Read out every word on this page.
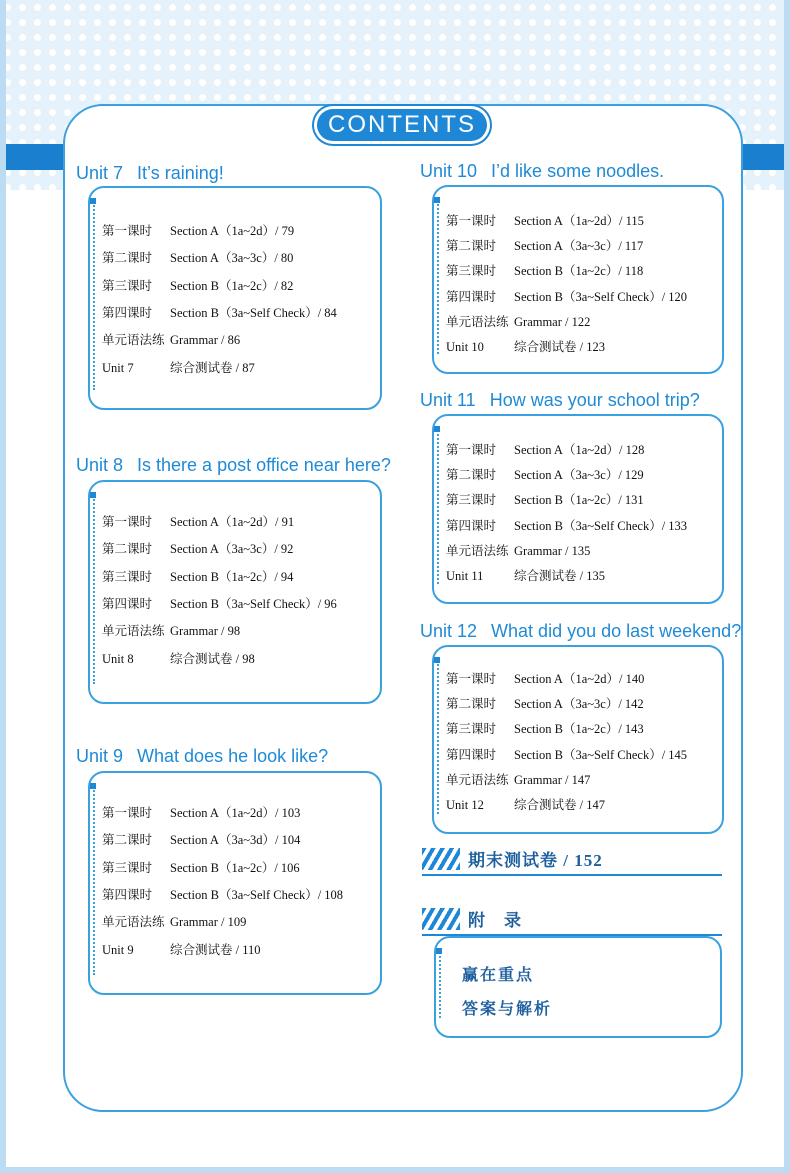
CONTENTS
Unit 7 It’s raining!
第一课时 Section A（1a~2d）/ 79
第二课时 Section A（3a~3c）/ 80
第三课时 Section B（1a~2c）/ 82
第四课时 Section B（3a~Self Check）/ 84
单元语法练 Grammar / 86
Unit 7	综合测试卷 / 87
Unit 8 Is there a post office near here?
第一课时 Section A（1a~2d）/ 91
第二课时 Section A（3a~3c）/ 92
第三课时 Section B（1a~2c）/ 94
第四课时 Section B（3a~Self Check）/ 96
单元语法练 Grammar / 98
Unit 8	综合测试卷 / 98
Unit 9 What does he look like?
第一课时 Section A（1a~2d）/ 103
第二课时 Section A（3a~3d）/ 104
第三课时 Section B（1a~2c）/ 106
第四课时 Section B（3a~Self Check）/ 108
单元语法练 Grammar / 109
Unit 9	综合测试卷 / 110
Unit 10 I’d like some noodles.
第一课时 Section A（1a~2d）/ 115
第二课时 Section A（3a~3c）/ 117
第三课时 Section B（1a~2c）/ 118
第四课时 Section B（3a~Self Check）/ 120
单元语法练 Grammar / 122
Unit 10 综合测试卷 / 123
Unit 11 How was your school trip?
第一课时 Section A（1a~2d）/ 128
第二课时 Section A（3a~3c）/ 129
第三课时 Section B（1a~2c）/ 131
第四课时 Section B（3a~Self Check）/ 133
单元语法练 Grammar / 135
Unit 11 综合测试卷 / 135
Unit 12 What did you do last weekend?
第一课时 Section A（1a~2d）/ 140
第二课时 Section A（3a~3c）/ 142
第三课时 Section B（1a~2c）/ 143
第四课时 Section B（3a~Self Check）/ 145
单元语法练 Grammar / 147
Unit 12 综合测试卷 / 147
期末测试卷 / 152
附　录
赢在重点
答案与解析
